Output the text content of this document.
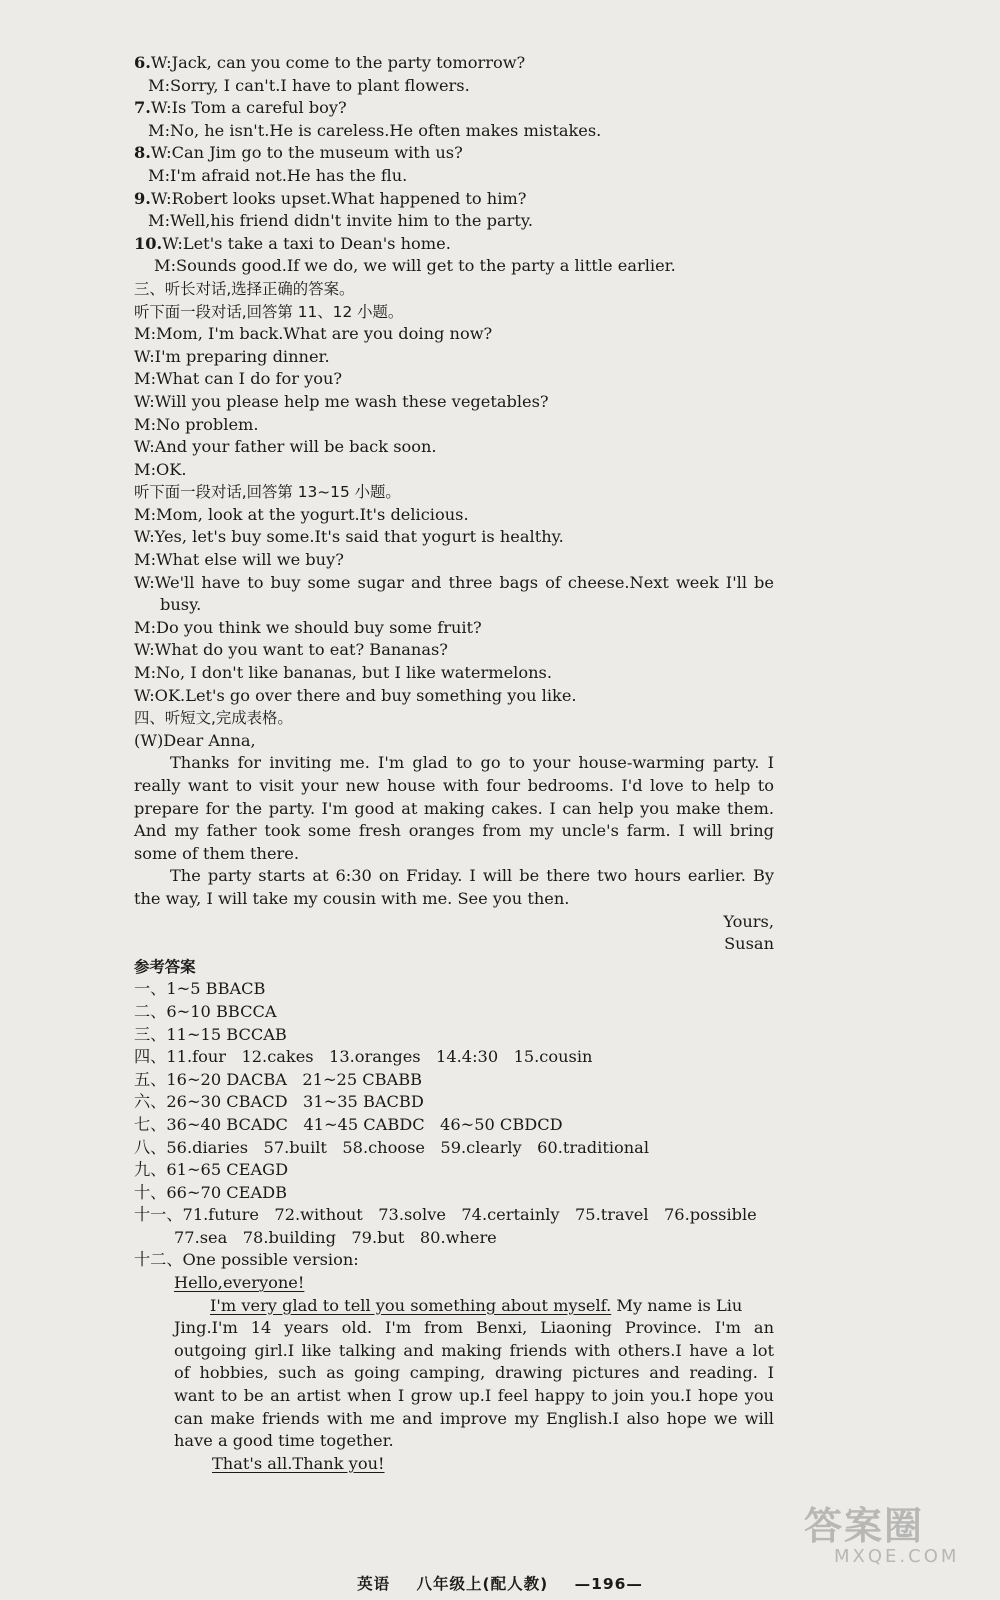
6.W:Jack, can you come to the party tomorrow?
M:Sorry, I can't.I have to plant flowers.
7.W:Is Tom a careful boy?
M:No, he isn't.He is careless.He often makes mistakes.
8.W:Can Jim go to the museum with us?
M:I'm afraid not.He has the flu.
9.W:Robert looks upset.What happened to him?
M:Well,his friend didn't invite him to the party.
10.W:Let's take a taxi to Dean's home.
M:Sounds good.If we do, we will get to the party a little earlier.
三、听长对话,选择正确的答案。
听下面一段对话,回答第 11、12 小题。
M:Mom, I'm back.What are you doing now?
W:I'm preparing dinner.
M:What can I do for you?
W:Will you please help me wash these vegetables?
M:No problem.
W:And your father will be back soon.
M:OK.
听下面一段对话,回答第 13~15 小题。
M:Mom, look at the yogurt.It's delicious.
W:Yes, let's buy some.It's said that yogurt is healthy.
M:What else will we buy?
W:We'll have to buy some sugar and three bags of cheese.Next week I'll be
busy.
M:Do you think we should buy some fruit?
W:What do you want to eat? Bananas?
M:No, I don't like bananas, but I like watermelons.
W:OK.Let's go over there and buy something you like.
四、听短文,完成表格。
(W)Dear Anna,
Thanks for inviting me. I'm glad to go to your house-warming party. I
really want to visit your new house with four bedrooms. I'd love to help to
prepare for the party. I'm good at making cakes. I can help you make them.
And my father took some fresh oranges from my uncle's farm. I will bring
some of them there.
The party starts at 6:30 on Friday. I will be there two hours earlier. By
the way, I will take my cousin with me. See you then.
Yours,
Susan
参考答案
一、1~5 BBACB
二、6~10 BBCCA
三、11~15 BCCAB
四、11.four   12.cakes   13.oranges   14.4:30   15.cousin
五、16~20 DACBA   21~25 CBABB
六、26~30 CBACD   31~35 BACBD
七、36~40 BCADC   41~45 CABDC   46~50 CBDCD
八、56.diaries   57.built   58.choose   59.clearly   60.traditional
九、61~65 CEAGD
十、66~70 CEADB
十一、71.future   72.without   73.solve   74.certainly   75.travel   76.possible
77.sea   78.building   79.but   80.where
十二、One possible version:
Hello,everyone!
I'm very glad to tell you something about myself. My name is Liu
Jing.I'm 14 years old. I'm from Benxi, Liaoning Province. I'm an
outgoing girl.I like talking and making friends with others.I have a lot
of hobbies, such as going camping, drawing pictures and reading. I
want to be an artist when I grow up.I feel happy to join you.I hope you
can make friends with me and improve my English.I also hope we will
have a good time together.
That's all.Thank you!
英语 八年级上(配人教) —196—
答案圈
MXQE.COM
